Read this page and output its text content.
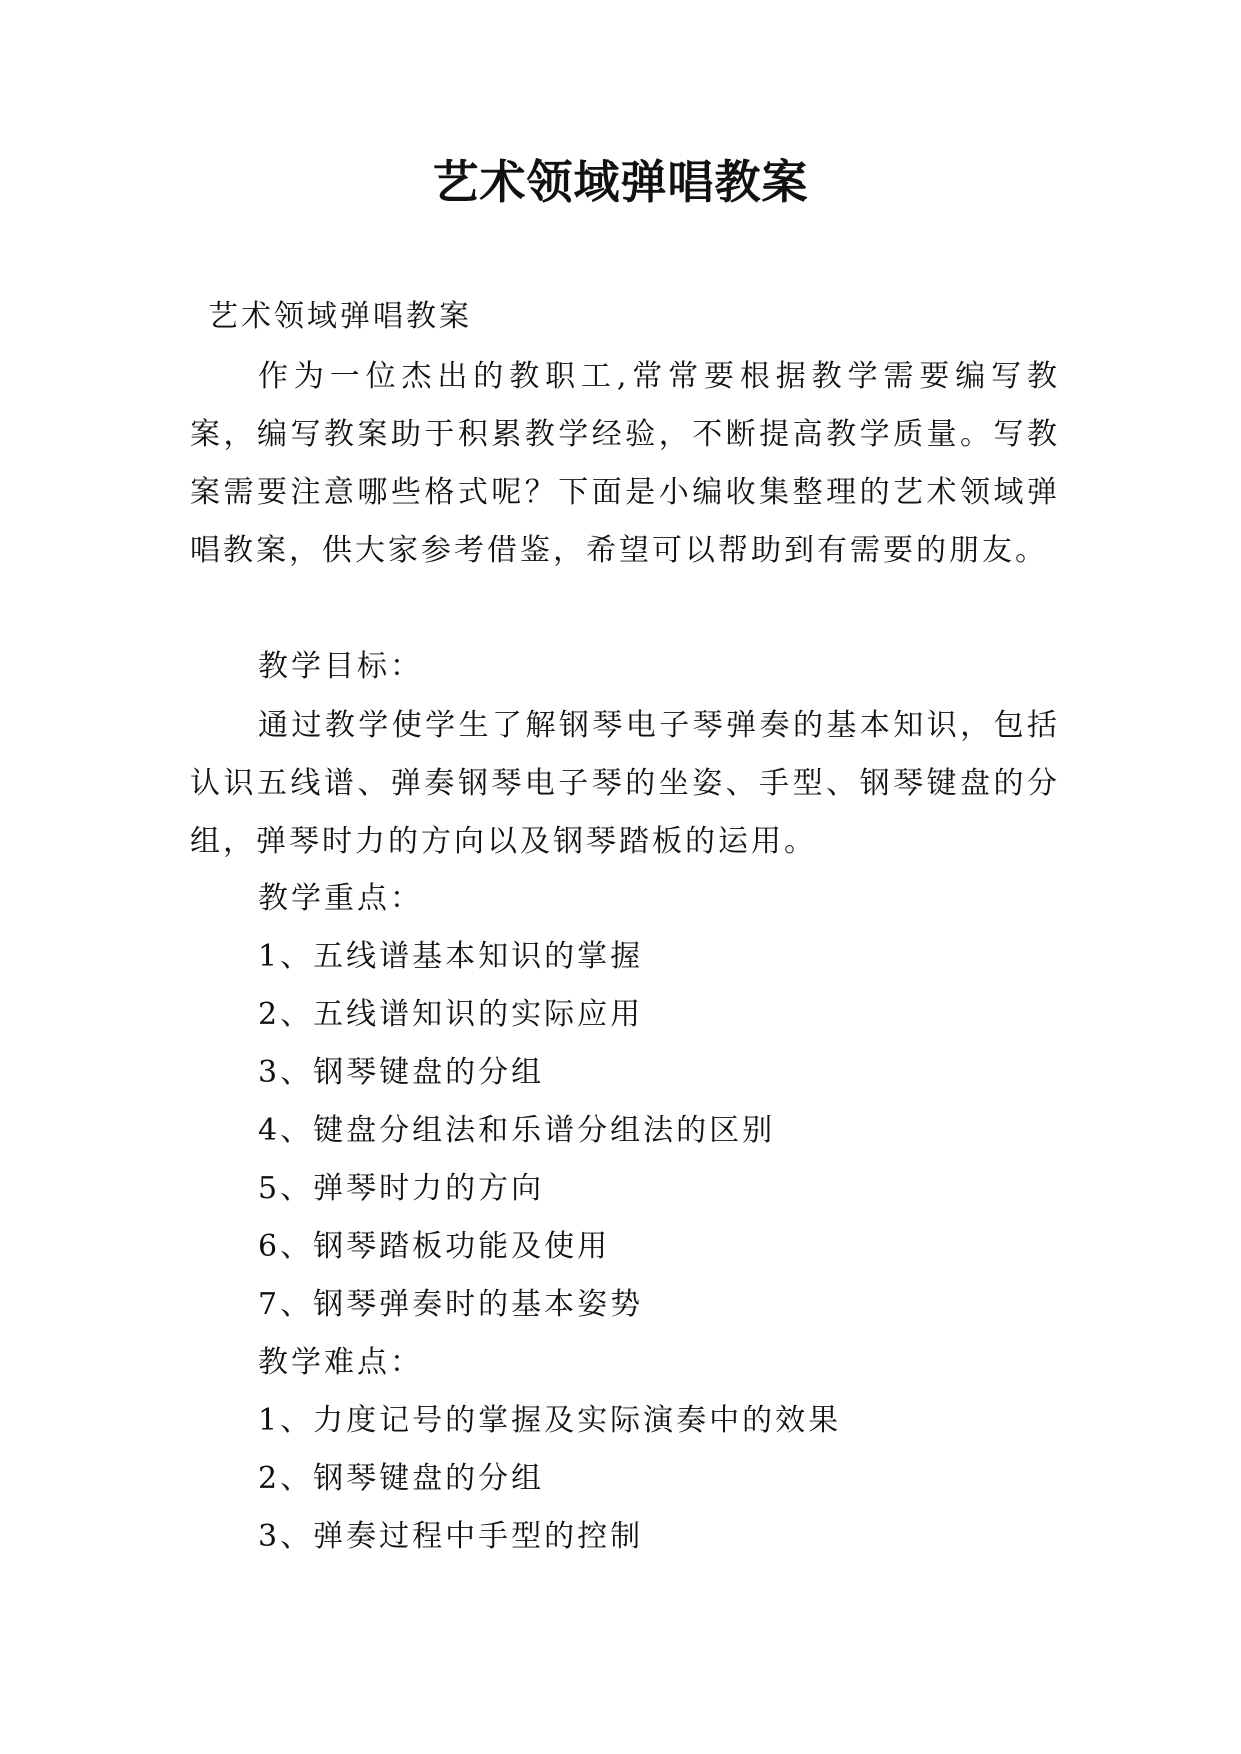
艺术领域弹唱教案
艺术领域弹唱教案

作为一位杰出的教职工,常常要根据教学需要编写教案，编写教案助于积累教学经验，不断提高教学质量。写教案需要注意哪些格式呢？下面是小编收集整理的艺术领域弹唱教案，供大家参考借鉴，希望可以帮助到有需要的朋友。

教学目标：

通过教学使学生了解钢琴电子琴弹奏的基本知识，包括认识五线谱、弹奏钢琴电子琴的坐姿、手型、钢琴键盘的分组，弹琴时力的方向以及钢琴踏板的运用。

教学重点：
1、五线谱基本知识的掌握
2、五线谱知识的实际应用
3、钢琴键盘的分组
4、键盘分组法和乐谱分组法的区别
5、弹琴时力的方向
6、钢琴踏板功能及使用
7、钢琴弹奏时的基本姿势
教学难点：
1、力度记号的掌握及实际演奏中的效果
2、钢琴键盘的分组
3、弹奏过程中手型的控制
